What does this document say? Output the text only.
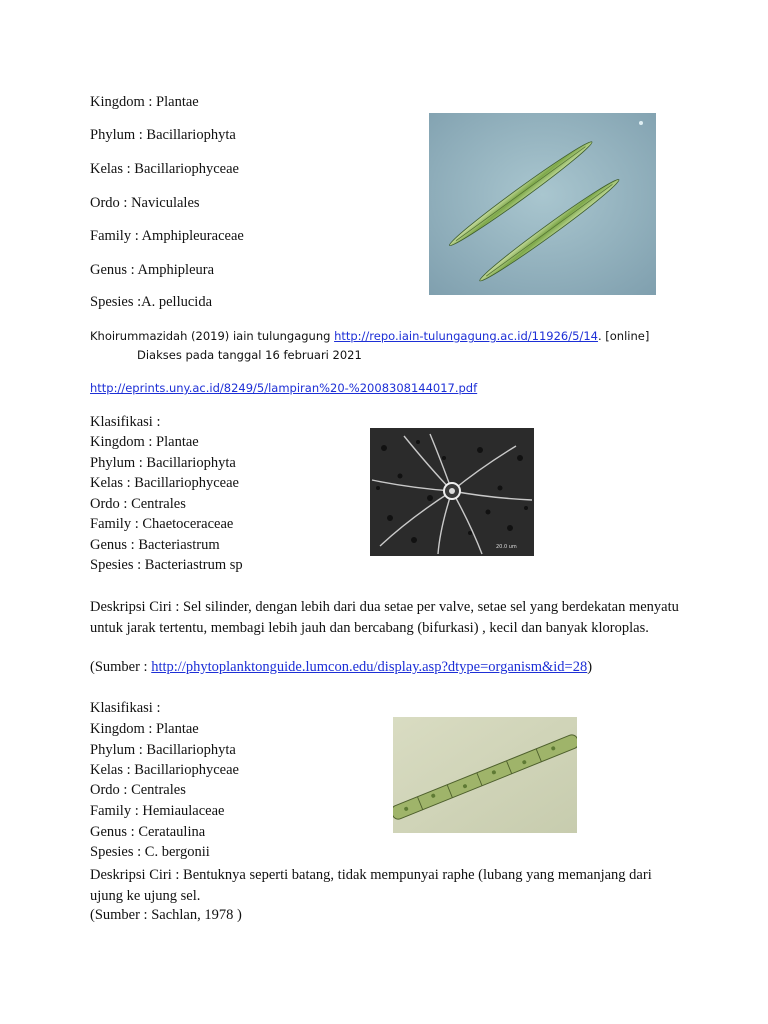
Kingdom : Plantae
Phylum : Bacillariophyta
Kelas : Bacillariophyceae
Ordo : Naviculales
Family : Amphipleuraceae
Genus : Amphipleura
Spesies :A. pellucida
Khoirummazidah (2019) iain tulungagung http://repo.iain-tulungagung.ac.id/11926/5/14. [online]
Diakses pada tanggal 16 februari 2021
http://eprints.uny.ac.id/8249/5/lampiran%20-%2008308144017.pdf
Klasifikasi :
Kingdom : Plantae
Phylum : Bacillariophyta
Kelas : Bacillariophyceae
Ordo : Centrales
Family : Chaetoceraceae
Genus : Bacteriastrum
Spesies : Bacteriastrum sp
20.0 um
Deskripsi Ciri : Sel silinder, dengan lebih dari dua setae per valve, setae sel yang berdekatan menyatu untuk jarak tertentu, membagi lebih jauh dan bercabang (bifurkasi) , kecil dan banyak kloroplas.
(Sumber : http://phytoplanktonguide.lumcon.edu/display.asp?dtype=organism&id=28)
Klasifikasi :
Kingdom : Plantae
Phylum : Bacillariophyta
Kelas : Bacillariophyceae
Ordo : Centrales
Family : Hemiaulaceae
Genus : Cerataulina
Spesies : C. bergonii
Deskripsi Ciri : Bentuknya seperti batang, tidak mempunyai raphe (lubang yang memanjang dari ujung ke ujung sel.
(Sumber : Sachlan, 1978 )
